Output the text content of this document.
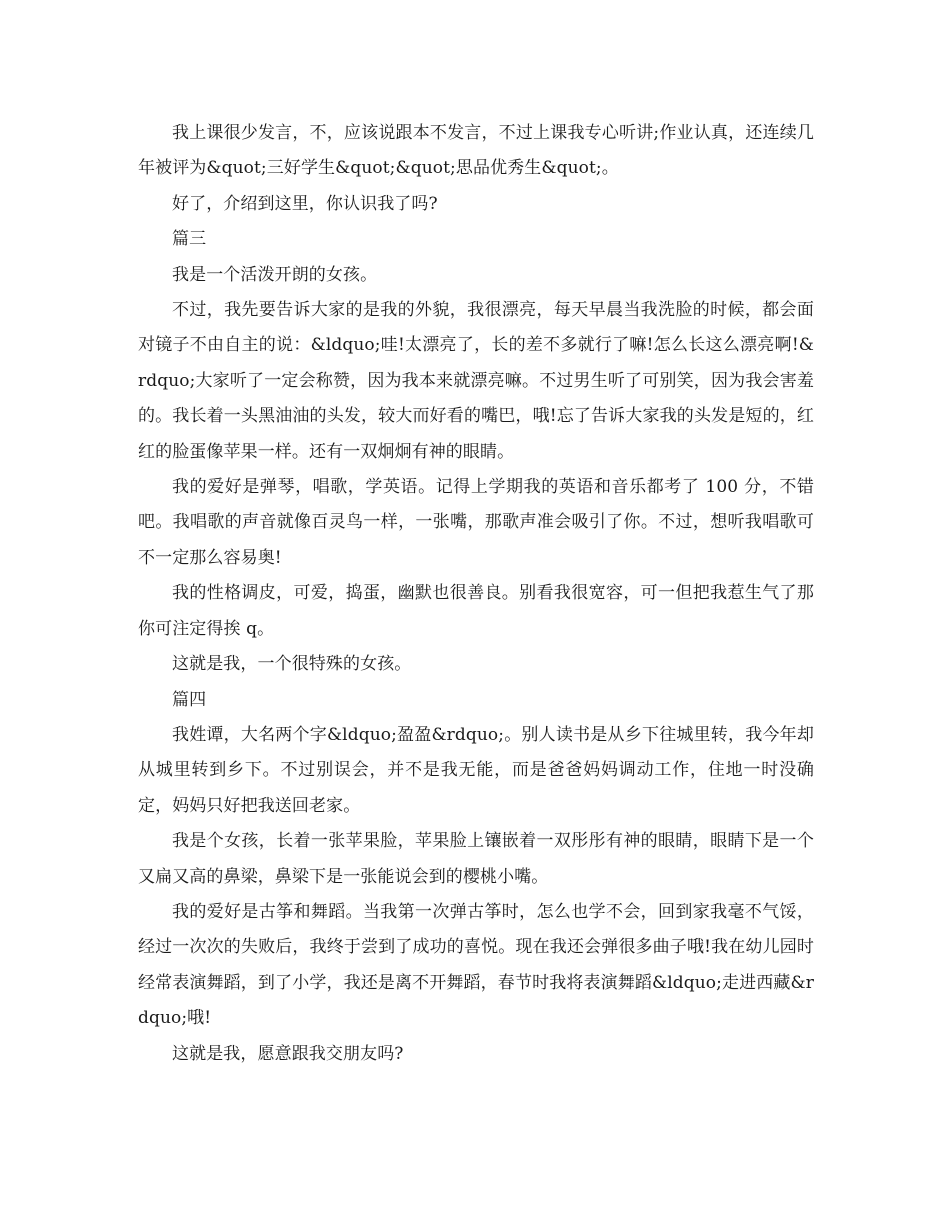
我上课很少发言，不，应该说跟本不发言，不过上课我专心听讲;作业认真，还连续几年被评为&quot;三好学生&quot;&quot;思品优秀生&quot;。

好了，介绍到这里，你认识我了吗?

篇三

我是一个活泼开朗的女孩。

不过，我先要告诉大家的是我的外貌，我很漂亮，每天早晨当我洗脸的时候，都会面对镜子不由自主的说：&ldquo;哇!太漂亮了，长的差不多就行了嘛!怎么长这么漂亮啊!&rdquo;大家听了一定会称赞，因为我本来就漂亮嘛。不过男生听了可别笑，因为我会害羞的。我长着一头黑油油的头发，较大而好看的嘴巴，哦!忘了告诉大家我的头发是短的，红红的脸蛋像苹果一样。还有一双炯炯有神的眼睛。

我的爱好是弹琴，唱歌，学英语。记得上学期我的英语和音乐都考了 100 分，不错吧。我唱歌的声音就像百灵鸟一样，一张嘴，那歌声准会吸引了你。不过，想听我唱歌可不一定那么容易奥!

我的性格调皮，可爱，捣蛋，幽默也很善良。别看我很宽容，可一但把我惹生气了那你可注定得挨 q。

这就是我，一个很特殊的女孩。

篇四

我姓谭，大名两个字&ldquo;盈盈&rdquo;。别人读书是从乡下往城里转，我今年却从城里转到乡下。不过别误会，并不是我无能，而是爸爸妈妈调动工作，住地一时没确定，妈妈只好把我送回老家。

我是个女孩，长着一张苹果脸，苹果脸上镶嵌着一双彤彤有神的眼睛，眼睛下是一个又扁又高的鼻梁，鼻梁下是一张能说会到的樱桃小嘴。

我的爱好是古筝和舞蹈。当我第一次弹古筝时，怎么也学不会，回到家我毫不气馁，经过一次次的失败后，我终于尝到了成功的喜悦。现在我还会弹很多曲子哦!我在幼儿园时经常表演舞蹈，到了小学，我还是离不开舞蹈，春节时我将表演舞蹈&ldquo;走进西藏&rdquo;哦!

这就是我，愿意跟我交朋友吗?
